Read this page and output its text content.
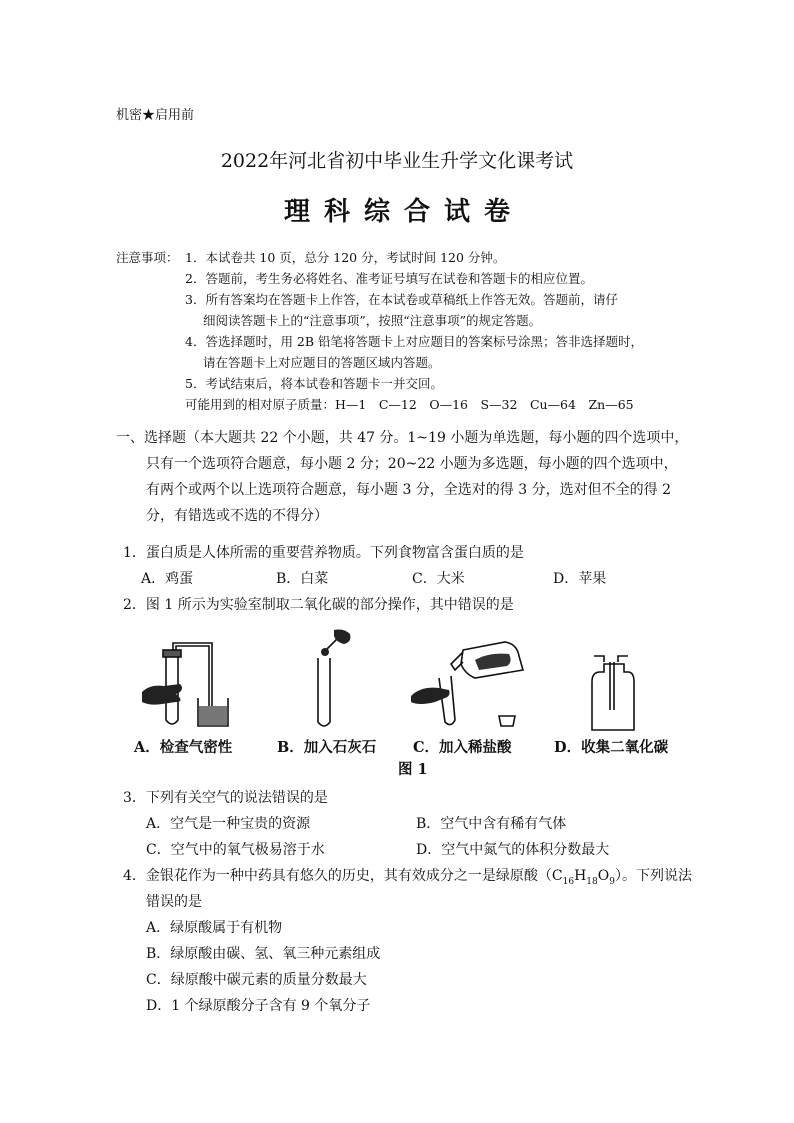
机密★启用前
2022年河北省初中毕业生升学文化课考试
理科综合试卷
注意事项： 1．本试卷共 10 页，总分 120 分，考试时间 120 分钟。
2．答题前，考生务必将姓名、准考证号填写在试卷和答题卡的相应位置。
3．所有答案均在答题卡上作答，在本试卷或草稿纸上作答无效。答题前，请仔
细阅读答题卡上的“注意事项”，按照“注意事项”的规定答题。
4．答选择题时，用 2B 铅笔将答题卡上对应题目的答案标号涂黑；答非选择题时，
请在答题卡上对应题目的答题区域内答题。
5．考试结束后，将本试卷和答题卡一并交回。
可能用到的相对原子质量：H—1　C—12　O—16　S—32　Cu—64　Zn—65
一、选择题（本大题共 22 个小题，共 47 分。1~19 小题为单选题，每小题的四个选项中，
只有一个选项符合题意，每小题 2 分；20~22 小题为多选题，每小题的四个选项中，
有两个或两个以上选项符合题意，每小题 3 分，全选对的得 3 分，选对但不全的得 2
分，有错选或不选的不得分）
1．蛋白质是人体所需的重要营养物质。下列食物富含蛋白质的是
A．鸡蛋	B．白菜	C．大米	D．苹果
2．图 1 所示为实验室制取二氧化碳的部分操作，其中错误的是
A．检查气密性	B．加入石灰石	C．加入稀盐酸	D．收集二氧化碳
图 1
3．下列有关空气的说法错误的是
A．空气是一种宝贵的资源	B．空气中含有稀有气体
C．空气中的氧气极易溶于水	D．空气中氮气的体积分数最大
4．金银花作为一种中药具有悠久的历史，其有效成分之一是绿原酸$(C_{16}H_{18}O_9)$。下列说法
错误的是
A．绿原酸属于有机物
B．绿原酸由碳、氢、氧三种元素组成
C．绿原酸中碳元素的质量分数最大
D．1 个绿原酸分子含有 9 个氧分子
